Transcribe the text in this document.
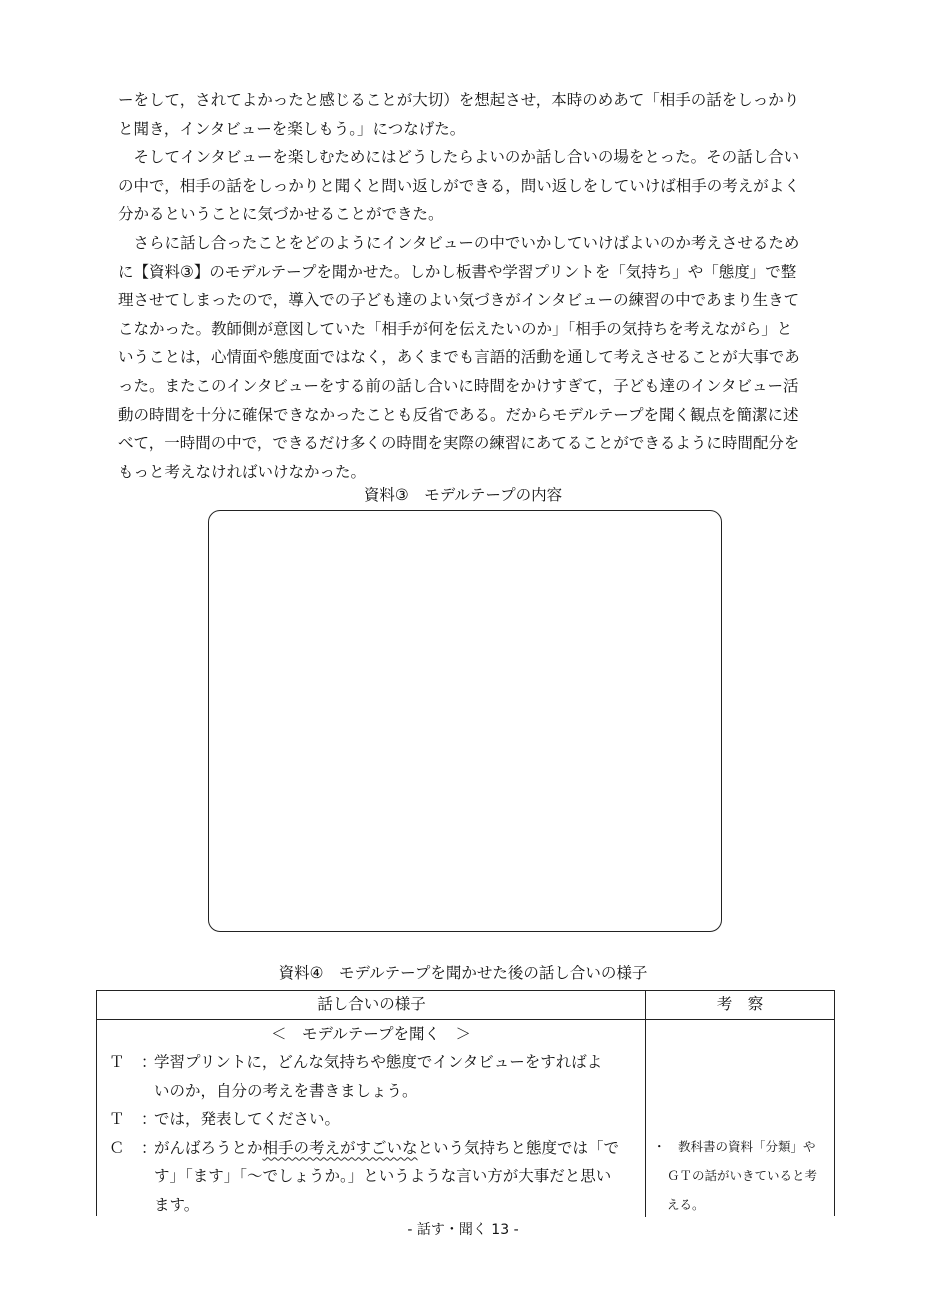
ーをして，されてよかったと感じることが大切）を想起させ，本時のめあて「相手の話をしっかり
と聞き，インタビューを楽しもう。」につなげた。

そしてインタビューを楽しむためにはどうしたらよいのか話し合いの場をとった。その話し合い
の中で，相手の話をしっかりと聞くと問い返しができる，問い返しをしていけば相手の考えがよく
分かるということに気づかせることができた。

さらに話し合ったことをどのようにインタビューの中でいかしていけばよいのか考えさせるため
に【資料③】のモデルテープを聞かせた。しかし板書や学習プリントを「気持ち」や「態度」で整
理させてしまったので，導入での子ども達のよい気づきがインタビューの練習の中であまり生きて
こなかった。教師側が意図していた「相手が何を伝えたいのか」「相手の気持ちを考えながら」と
いうことは，心情面や態度面ではなく，あくまでも言語的活動を通して考えさせることが大事であ
った。またこのインタビューをする前の話し合いに時間をかけすぎて，子ども達のインタビュー活
動の時間を十分に確保できなかったことも反省である。だからモデルテープを聞く観点を簡潔に述
べて，一時間の中で，できるだけ多くの時間を実際の練習にあてることができるように時間配分を
もっと考えなければいけなかった。

資料③　モデルテープの内容
資料④　モデルテープを聞かせた後の話し合いの様子
話し合いの様子	考　察
＜　モデルテープを聞く　＞
Ｔ ：
学習プリントに，どんな気持ちや態度でインタビューをすればよ
いのか，自分の考えを書きましょう。
Ｔ ：
では，発表してください。
Ｃ ：
がんばろうとか相手の考えがすごいなという気持ちと態度では「で
す」「ます」「～でしょうか。」というような言い方が大事だと思い
ます。
・　教科書の資料「分類」や
ＧＴの話がいきていると考
える。
- 話す・聞く 13 -
